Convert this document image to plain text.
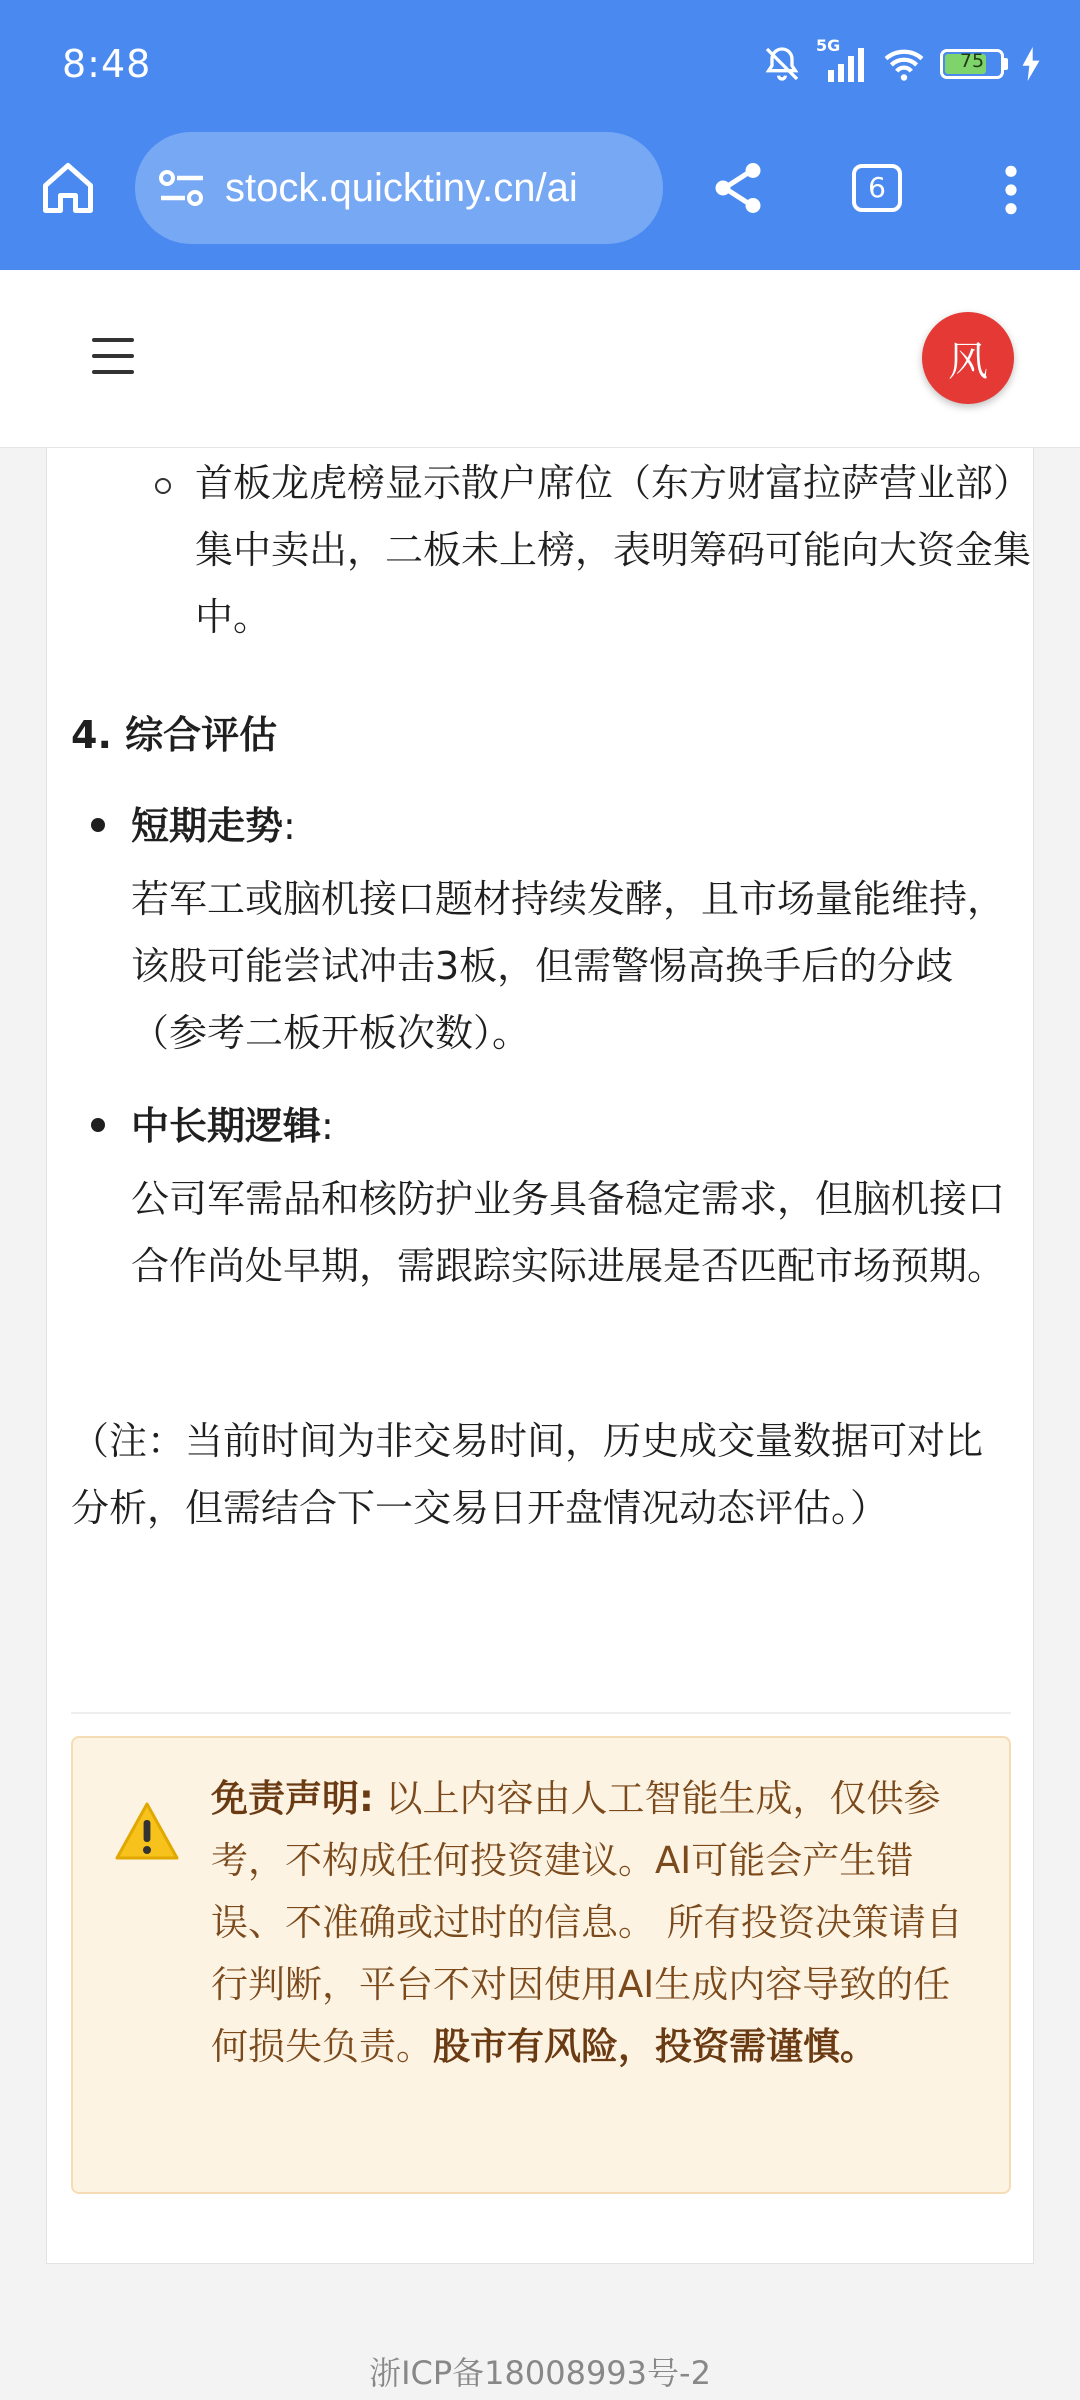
8:48	5G
75
stock.quicktiny.cn/ai	6
风
首板龙虎榜显示散户席位（东方财富拉萨营业部）集中卖出，二板未上榜，表明筹码可能向大资金集中。
4. 综合评估
短期走势:
若军工或脑机接口题材持续发酵，且市场量能维持，该股可能尝试冲击3板，但需警惕高换手后的分歧（参考二板开板次数）。
中长期逻辑:
公司军需品和核防护业务具备稳定需求，但脑机接口合作尚处早期，需跟踪实际进展是否匹配市场预期。
（注：当前时间为非交易时间，历史成交量数据可对比分析，但需结合下一交易日开盘情况动态评估。）
免责声明: 以上内容由人工智能生成，仅供参考，不构成任何投资建议。AI可能会产生错误、不准确或过时的信息。 所有投资决策请自行判断，平台不对因使用AI生成内容导致的任何损失负责。股市有风险，投资需谨慎。
浙ICP备18008993号-2
